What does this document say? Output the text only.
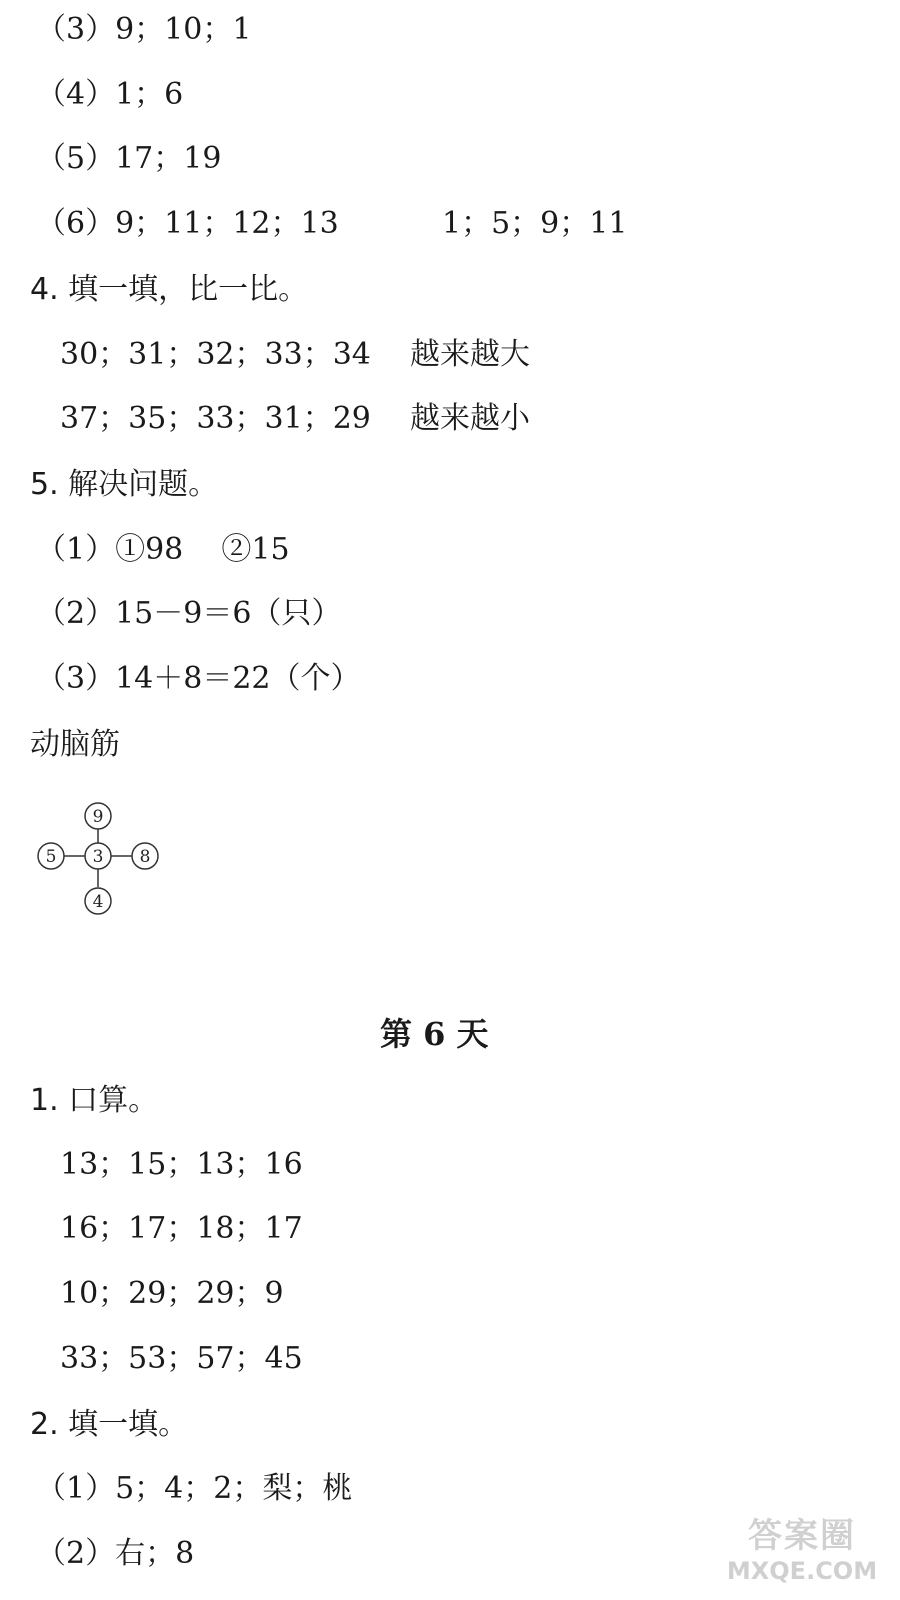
（3）9；10；1
（4）1；6
（5）17；19
（6）9；11；12；13	1；5；9；11
4. 填一填，比一比。
30；31；32；33；34 越来越大
37；35；33；31；29 越来越小
5. 解决问题。
（1）①98    ②15
（2）15－9＝6（只）
（3）14＋8＝22（个）
动脑筋
9
5 3 8
4
第 6 天
1. 口算。
13；15；13；16
16；17；18；17
10；29；29；9
33；53；57；45
2. 填一填。
（1）5；4；2；梨；桃
（2）右；8	答案圈
MXQE.COM
